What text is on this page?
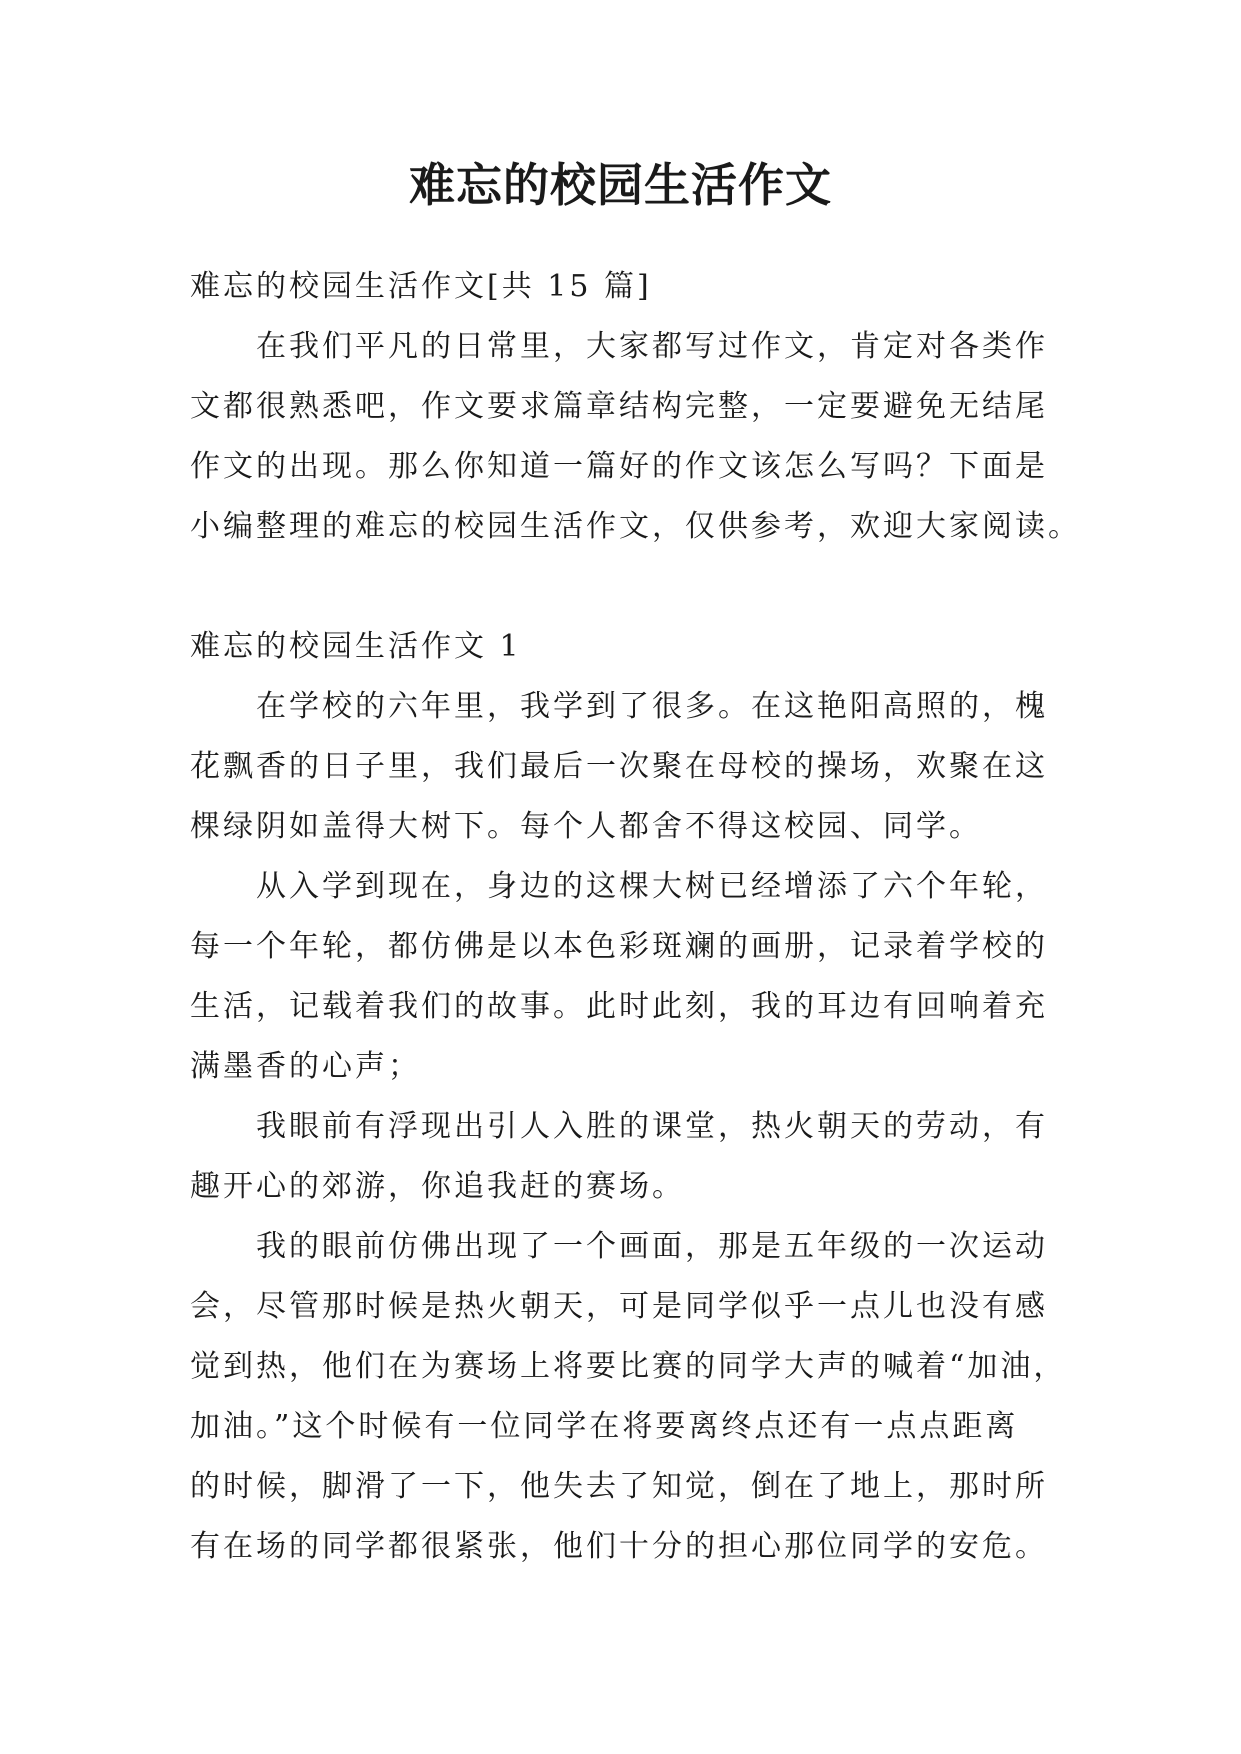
难忘的校园生活作文
难忘的校园生活作文[共 15 篇]
在我们平凡的日常里，大家都写过作文，肯定对各类作
文都很熟悉吧，作文要求篇章结构完整，一定要避免无结尾
作文的出现。那么你知道一篇好的作文该怎么写吗？下面是
小编整理的难忘的校园生活作文，仅供参考，欢迎大家阅读。
难忘的校园生活作文 1
在学校的六年里，我学到了很多。在这艳阳高照的，槐
花飘香的日子里，我们最后一次聚在母校的操场，欢聚在这
棵绿阴如盖得大树下。每个人都舍不得这校园、同学。
从入学到现在，身边的这棵大树已经增添了六个年轮，
每一个年轮，都仿佛是以本色彩斑斓的画册，记录着学校的
生活，记载着我们的故事。此时此刻，我的耳边有回响着充
满墨香的心声；
我眼前有浮现出引人入胜的课堂，热火朝天的劳动，有
趣开心的郊游，你追我赶的赛场。
我的眼前仿佛出现了一个画面，那是五年级的一次运动
会，尽管那时候是热火朝天，可是同学似乎一点儿也没有感
觉到热，他们在为赛场上将要比赛的同学大声的喊着“加油，
加油。”这个时候有一位同学在将要离终点还有一点点距离
的时候，脚滑了一下，他失去了知觉，倒在了地上，那时所
有在场的同学都很紧张，他们十分的担心那位同学的安危。
